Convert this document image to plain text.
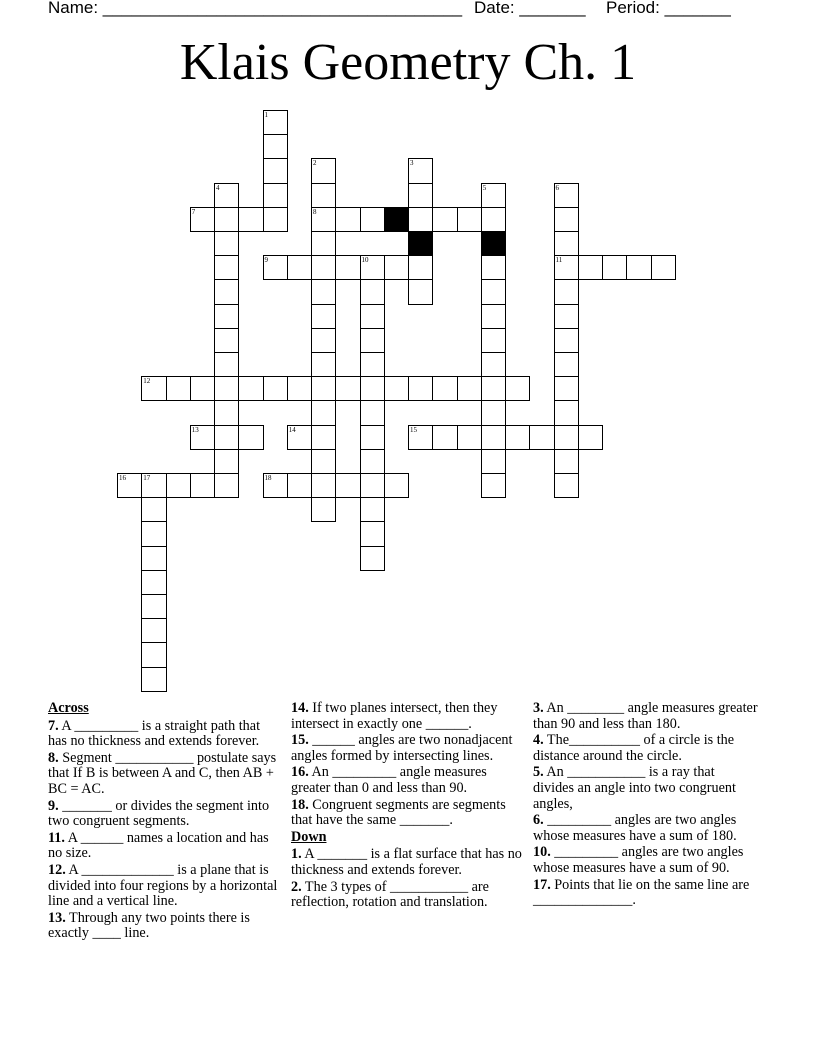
Name: ______________________________________

Date: _______

Period: _______

Klais Geometry Ch. 1
1
2
8
3
4	5	6
11
7
9	10
12
13	14	15
16 17	18
Across
7. A _________ is a straight path that has no thickness and extends forever.
8. Segment ___________ postulate says that If B is between A and C, then AB + BC = AC.
9. _______ or divides the segment into two congruent segments.
11. A ______ names a location and has no size.
12. A _____________ is a plane that is divided into four regions by a horizontal line and a vertical line.
13. Through any two points there is exactly ____ line.
14. If two planes intersect, then they intersect in exactly one ______.
15. ______ angles are two nonadjacent angles formed by intersecting lines.
16. An _________ angle measures greater than 0 and less than 90.
18. Congruent segments are segments that have the same _______.
Down
1. A _______ is a flat surface that has no thickness and extends forever.
2. The 3 types of ___________ are reflection, rotation and translation.
3. An ________ angle measures greater than 90 and less than 180.
4. The__________ of a circle is the distance around the circle.
5. An ___________ is a ray that divides an angle into two congruent angles,
6. _________ angles are two angles whose measures have a sum of 180.
10. _________ angles are two angles whose measures have a sum of 90.
17. Points that lie on the same line are ______________.
